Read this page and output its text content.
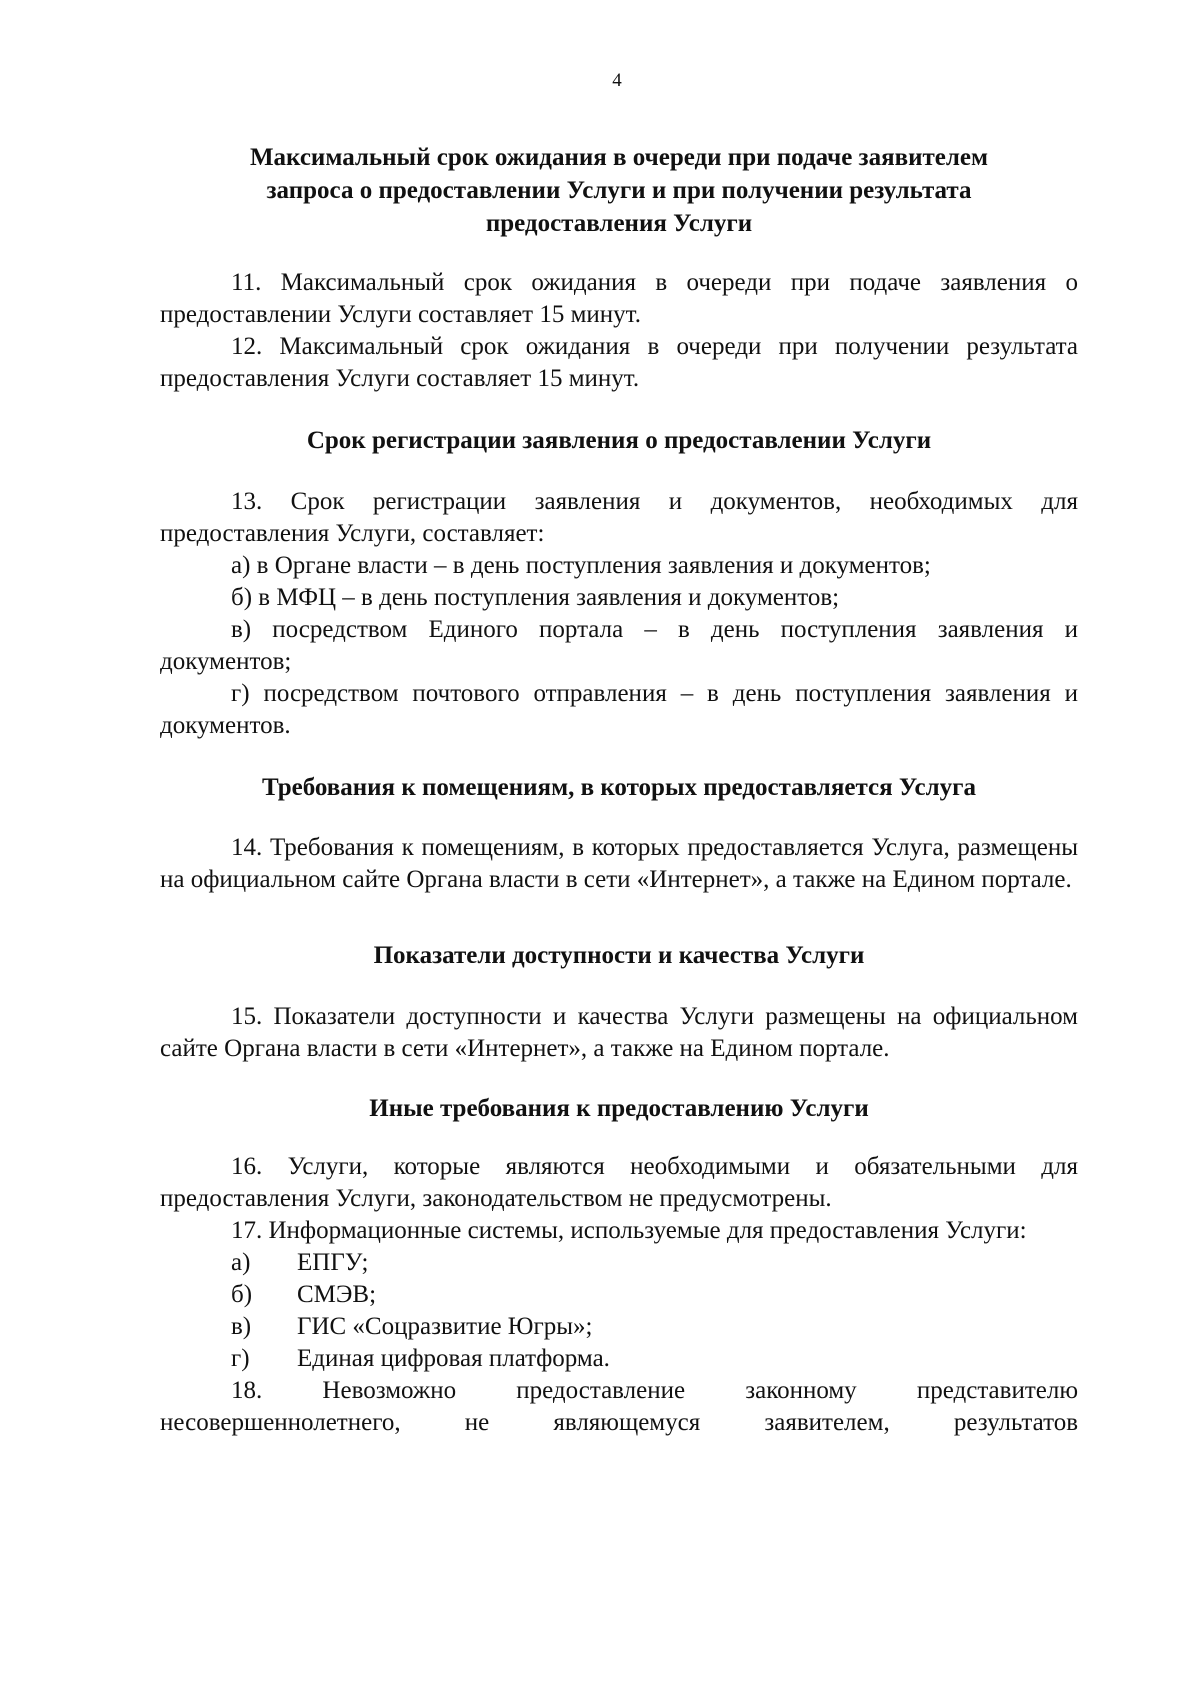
4
Максимальный срок ожидания в очереди при подаче заявителем
запроса о предоставлении Услуги и при получении результата
предоставления Услуги

11. Максимальный срок ожидания в очереди при подаче заявления о предоставлении Услуги составляет 15 минут.

12. Максимальный срок ожидания в очереди при получении результата предоставления Услуги составляет 15 минут.

Срок регистрации заявления о предоставлении Услуги

13. Срок регистрации заявления и документов, необходимых для предоставления Услуги, составляет:

а) в Органе власти – в день поступления заявления и документов;

б) в МФЦ – в день поступления заявления и документов;

в) посредством Единого портала – в день поступления заявления и документов;

г) посредством почтового отправления – в день поступления заявления и документов.

Требования к помещениям, в которых предоставляется Услуга

14. Требования к помещениям, в которых предоставляется Услуга, размещены на официальном сайте Органа власти в сети «Интернет», а также на Едином портале.

Показатели доступности и качества Услуги

15. Показатели доступности и качества Услуги размещены на официальном сайте Органа власти в сети «Интернет», а также на Едином портале.

Иные требования к предоставлению Услуги

16. Услуги, которые являются необходимыми и обязательными для предоставления Услуги, законодательством не предусмотрены.

17. Информационные системы, используемые для предоставления Услуги:

а)	ЕПГУ;
б)	СМЭВ;
в)	ГИС «Соцразвитие Югры»;
г)	Единая цифровая платформа.

18. Невозможно предоставление законному представителю несовершеннолетнего, не являющемуся заявителем, результатов
